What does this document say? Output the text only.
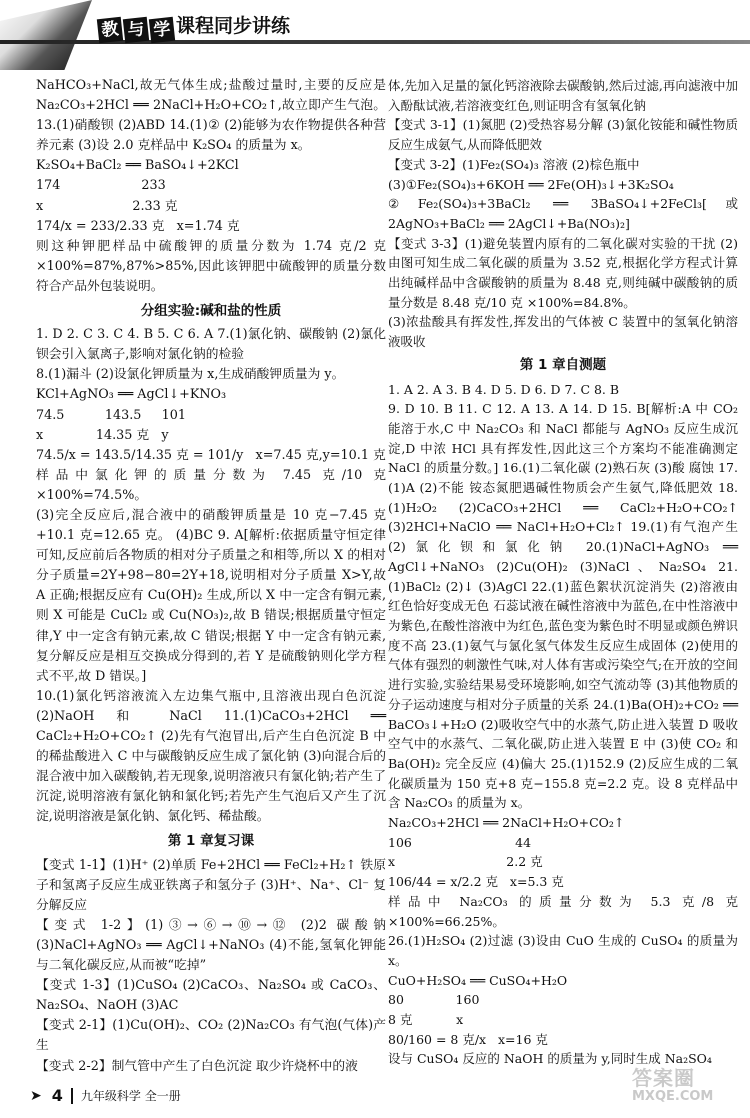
教 与 学 课程同步讲练

NaHCO₃+NaCl,故无气体生成;盐酸过量时,主要的反应是 Na₂CO₃+2HCl ══ 2NaCl+H₂O+CO₂↑,故立即产生气泡。 13.(1)硝酸钡 (2)ABD 14.(1)② (2)能够为农作物提供各种营养元素 (3)设 2.0 克样品中 K₂SO₄ 的质量为 x。

K₂SO₄+BaCl₂ ══ BaSO₄↓+2KCl

174                    233

x                      2.33 克

174/x = 233/2.33 克   x=1.74 克

则这种钾肥样品中硫酸钾的质量分数为 1.74 克/2 克 ×100%=87%,87%>85%,因此该钾肥中硫酸钾的质量分数符合产品外包装说明。

分组实验:碱和盐的性质

1. D 2. C 3. C 4. B 5. C 6. A 7.(1)氯化钠、碳酸钠 (2)氯化钡会引入氯离子,影响对氯化钠的检验

8.(1)漏斗 (2)设氯化钾质量为 x,生成硝酸钾质量为 y。

KCl+AgNO₃ ══ AgCl↓+KNO₃

74.5          143.5     101

x             14.35 克   y

74.5/x = 143.5/14.35 克 = 101/y   x=7.45 克,y=10.1 克

样品中氯化钾的质量分数为 7.45 克/10 克 ×100%=74.5%。

(3)完全反应后,混合液中的硝酸钾质量是 10 克−7.45 克+10.1 克=12.65 克。 (4)BC 9. A[解析:依据质量守恒定律可知,反应前后各物质的相对分子质量之和相等,所以 X 的相对分子质量=2Y+98−80=2Y+18,说明相对分子质量 X>Y,故 A 正确;根据反应有 Cu(OH)₂ 生成,所以 X 中一定含有铜元素,则 X 可能是 CuCl₂ 或 Cu(NO₃)₂,故 B 错误;根据质量守恒定律,Y 中一定含有钠元素,故 C 错误;根据 Y 中一定含有钠元素,复分解反应是相互交换成分得到的,若 Y 是硫酸钠则化学方程式不平,故 D 错误。]

10.(1)氯化钙溶液流入左边集气瓶中,且溶液出现白色沉淀 (2)NaOH 和 NaCl 11.(1)CaCO₃+2HCl ══ CaCl₂+H₂O+CO₂↑ (2)先有气泡冒出,后产生白色沉淀 B 中的稀盐酸进入 C 中与碳酸钠反应生成了氯化钠 (3)向混合后的混合液中加入碳酸钠,若无现象,说明溶液只有氯化钠;若产生了沉淀,说明溶液有氯化钠和氯化钙;若先产生气泡后又产生了沉淀,说明溶液是氯化钠、氯化钙、稀盐酸。

第 1 章复习课

【变式 1-1】(1)H⁺ (2)单质 Fe+2HCl ══ FeCl₂+H₂↑ 铁原子和氢离子反应生成亚铁离子和氢分子 (3)H⁺、Na⁺、Cl⁻ 复分解反应

【变式 1-2】(1)③→⑥→⑩→⑫ (2)2 碳酸钠 (3)NaCl+AgNO₃ ══ AgCl↓+NaNO₃ (4)不能,氢氧化钾能与二氧化碳反应,从而被“吃掉”

【变式 1-3】(1)CuSO₄ (2)CaCO₃、Na₂SO₄ 或 CaCO₃、Na₂SO₄、NaOH (3)AC

【变式 2-1】(1)Cu(OH)₂、CO₂ (2)Na₂CO₃ 有气泡(气体)产生

【变式 2-2】制气管中产生了白色沉淀 取少许烧杯中的液

体,先加入足量的氯化钙溶液除去碳酸钠,然后过滤,再向滤液中加入酚酞试液,若溶液变红色,则证明含有氢氧化钠

【变式 3-1】(1)氮肥 (2)受热容易分解 (3)氯化铵能和碱性物质反应生成氨气,从而降低肥效

【变式 3-2】(1)Fe₂(SO₄)₃ 溶液 (2)棕色瓶中

(3)①Fe₂(SO₄)₃+6KOH ══ 2Fe(OH)₃↓+3K₂SO₄

②Fe₂(SO₄)₃+3BaCl₂ ══ 3BaSO₄↓+2FeCl₃[或 2AgNO₃+BaCl₂ ══ 2AgCl↓+Ba(NO₃)₂]

【变式 3-3】(1)避免装置内原有的二氧化碳对实验的干扰 (2)由图可知生成二氧化碳的质量为 3.52 克,根据化学方程式计算出纯碱样品中含碳酸钠的质量为 8.48 克,则纯碱中碳酸钠的质量分数是 8.48 克/10 克 ×100%=84.8%。

(3)浓盐酸具有挥发性,挥发出的气体被 C 装置中的氢氧化钠溶液吸收

第 1 章自测题

1. A 2. A 3. B 4. D 5. D 6. D 7. C 8. B

9. D 10. B 11. C 12. A 13. A 14. D 15. B[解析:A 中 CO₂ 能溶于水,C 中 Na₂CO₃ 和 NaCl 都能与 AgNO₃ 反应生成沉淀,D 中浓 HCl 具有挥发性,因此这三个方案均不能准确测定 NaCl 的质量分数。] 16.(1)二氧化碳 (2)熟石灰 (3)酸 腐蚀 17.(1)A (2)不能 铵态氮肥遇碱性物质会产生氨气,降低肥效 18.(1)H₂O₂ (2)CaCO₃+2HCl ══ CaCl₂+H₂O+CO₂↑ (3)2HCl+NaClO ══ NaCl+H₂O+Cl₂↑ 19.(1)有气泡产生 (2)氯化钡和氯化钠 20.(1)NaCl+AgNO₃ ══ AgCl↓+NaNO₃ (2)Cu(OH)₂ (3)NaCl、Na₂SO₄ 21.(1)BaCl₂ (2)↓ (3)AgCl 22.(1)蓝色絮状沉淀消失 (2)溶液由红色恰好变成无色 石蕊试液在碱性溶液中为蓝色,在中性溶液中为紫色,在酸性溶液中为红色,蓝色变为紫色时不明显或颜色辨识度不高 23.(1)氨气与氯化氢气体发生反应生成固体 (2)使用的气体有强烈的刺激性气味,对人体有害或污染空气;在开放的空间进行实验,实验结果易受环境影响,如空气流动等 (3)其他物质的分子运动速度与相对分子质量的关系 24.(1)Ba(OH)₂+CO₂ ══ BaCO₃↓+H₂O (2)吸收空气中的水蒸气,防止进入装置 D 吸收空气中的水蒸气、二氧化碳,防止进入装置 E 中 (3)使 CO₂ 和 Ba(OH)₂ 完全反应 (4)偏大 25.(1)152.9 (2)反应生成的二氧化碳质量为 150 克+8 克−155.8 克=2.2 克。设 8 克样品中含 Na₂CO₃ 的质量为 x。

Na₂CO₃+2HCl ══ 2NaCl+H₂O+CO₂↑

106                          44

x                            2.2 克

106/44 = x/2.2 克   x=5.3 克

样品中 Na₂CO₃ 的质量分数为 5.3 克/8 克 ×100%=66.25%。

26.(1)H₂SO₄ (2)过滤 (3)设由 CuO 生成的 CuSO₄ 的质量为 x。

CuO+H₂SO₄ ══ CuSO₄+H₂O

80             160

8 克           x

80/160 = 8 克/x   x=16 克

设与 CuSO₄ 反应的 NaOH 的质量为 y,同时生成 Na₂SO₄

➤ 4 九年级科学 全一册
答案圈
MXQE.COM
